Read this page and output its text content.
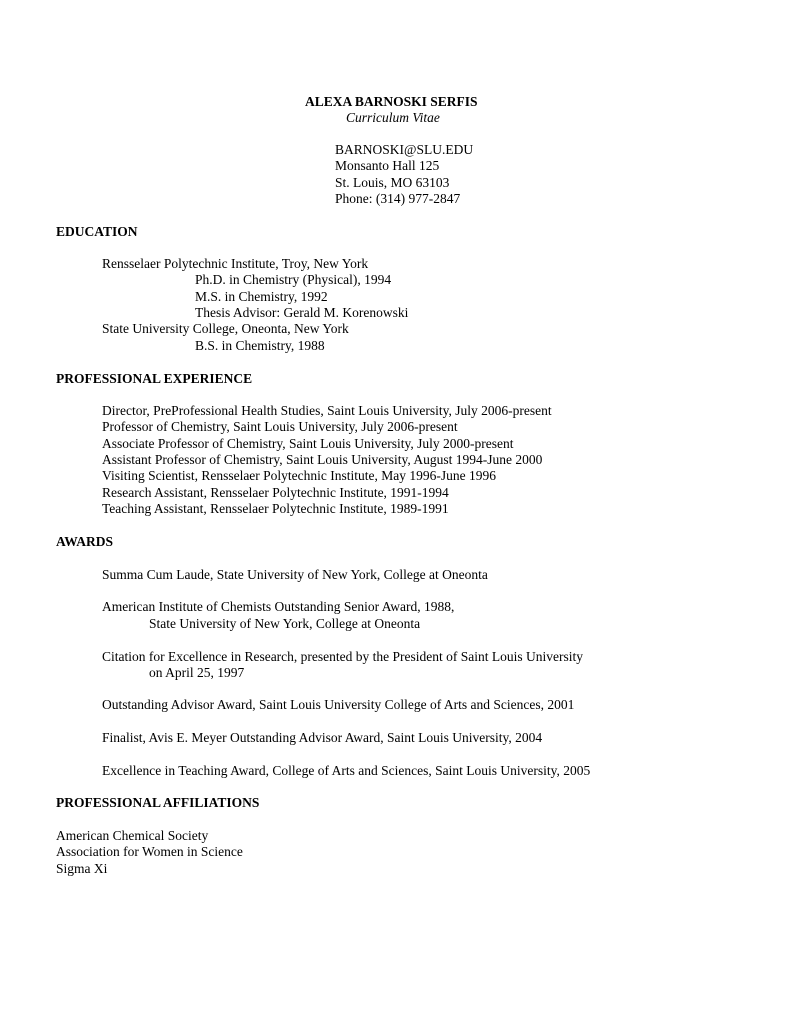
ALEXA BARNOSKI SERFIS
Curriculum Vitae
BARNOSKI@SLU.EDU
Monsanto Hall 125
St. Louis, MO 63103
Phone: (314) 977-2847
EDUCATION
Rensselaer Polytechnic Institute, Troy, New York
Ph.D. in Chemistry (Physical), 1994
M.S. in Chemistry, 1992
Thesis Advisor: Gerald M. Korenowski
State University College, Oneonta, New York
B.S. in Chemistry, 1988
PROFESSIONAL EXPERIENCE
Director, PreProfessional Health Studies, Saint Louis University, July 2006-present
Professor of Chemistry, Saint Louis University, July 2006-present
Associate Professor of Chemistry, Saint Louis University, July 2000-present
Assistant Professor of Chemistry, Saint Louis University, August 1994-June 2000
Visiting Scientist, Rensselaer Polytechnic Institute, May 1996-June 1996
Research Assistant, Rensselaer Polytechnic Institute, 1991-1994
Teaching Assistant, Rensselaer Polytechnic Institute, 1989-1991
AWARDS
Summa Cum Laude, State University of New York, College at Oneonta
American Institute of Chemists Outstanding Senior Award, 1988,
State University of New York, College at Oneonta
Citation for Excellence in Research, presented by the President of Saint Louis University
on April 25, 1997
Outstanding Advisor Award, Saint Louis University College of Arts and Sciences, 2001
Finalist, Avis E. Meyer Outstanding Advisor Award, Saint Louis University, 2004
Excellence in Teaching Award, College of Arts and Sciences, Saint Louis University, 2005
PROFESSIONAL AFFILIATIONS
American Chemical Society
Association for Women in Science
Sigma Xi
